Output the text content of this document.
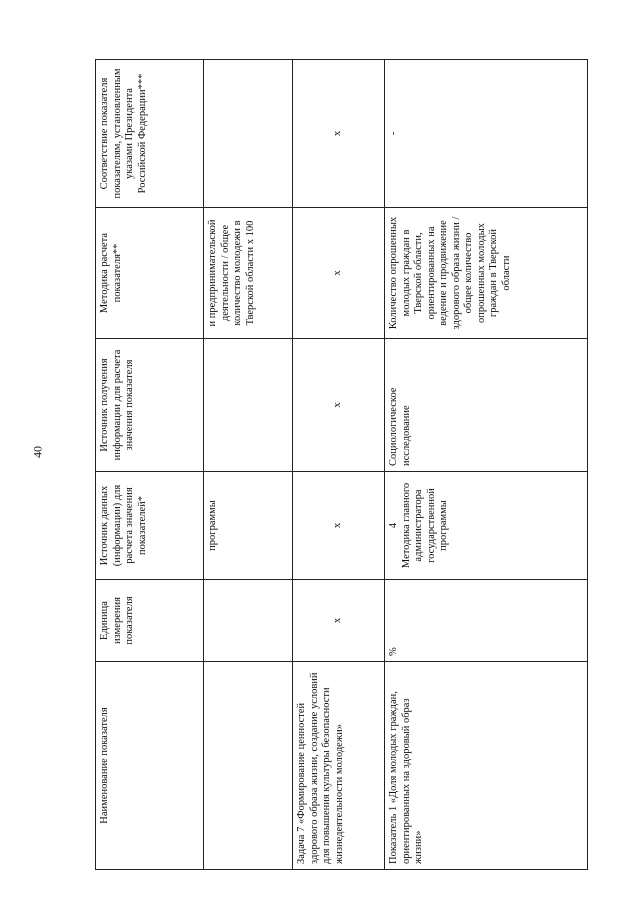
40
Наименование показателя	Единица измерения показателя	Источник данных (информации) для расчета значения показателей*	Источник получения информации для расчета значения показателя	Методика расчета показателя**	Соответствие показателя показателям, установленным указами Президента Российской Федерации***
		программы		и предпринимательской деятельности / общее количество молодежи в Тверской области x 100	
Задача 7 «Формирование ценностей здорового образа жизни, создание условий для повышения культуры безопасности жизнедеятельности молодежи»	x	x	x	x	x
Показатель 1 «Доля молодых граждан, ориентированных на здоровый образ жизни»	%	4 Методика главного администратора государственной программы	Социологическое исследование	Количество опрошенных молодых граждан в Тверской области, ориентированных на ведение и продвижение здорового образа жизни / общее количество опрошенных молодых граждан в Тверской области	-
